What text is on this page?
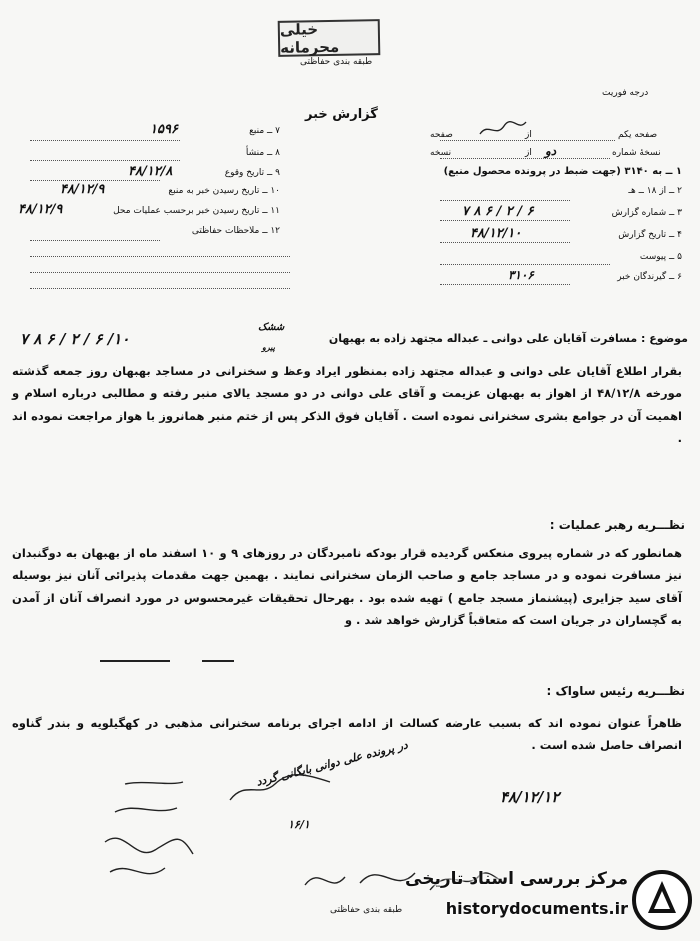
خیلی محرمانه
طبقه بندی حفاظتی
درجه فوریت
گزارش خبر
صفحه یکم
از
صفحه
نسخهٔ شماره
از
نسخه	دو
۱ ــ به ۳۱۴۰ (جهت ضبط در پرونده محصول منبع)
۲ ــ از ۱۸ ــ هـ
۳ ــ شماره گزارش
۷ ۸ ۶ / ۲ / ۶
۴ ــ تاریخ گزارش
۴۸/۱۲/۱۰
۵ ــ پیوست
۶ ــ گیرندگان خبر
۳۱۰۶
۷ ــ منبع
۱۵۹۶
۸ ــ منشأ
۹ ــ تاریخ وقوع
۴۸/۱۲/۸
۱۰ ــ تاریخ رسیدن خبر به منبع
۴۸/۱۲/۹
۱۱ ــ تاریخ رسیدن خبر برحسب عملیات محل
۴۸/۱۲/۹
۱۲ ــ ملاحظات حفاظتی
موضوع : مسافرت آقایان علی دوانی ـ عبداله مجتهد زاده به بهبهان
ششک
پیرو
۷ ۸ ۶ / ۲ / ۶ /۱۰
بقرار اطلاع آقایان علی دوانی و عبداله مجتهد زاده بمنظور ایراد وعظ و سخنرانی در مساجد بهبهان روز جمعه گذشته مورخه ۴۸/۱۲/۸ از اهواز به بهبهان عزیمت و آقای علی دوانی در دو مسجد یالای منبر رفته و مطالبی درباره اسلام و اهمیت آن در جوامع بشری سخنرانی نموده است . آقایان فوق الذکر پس از ختم منبر همانروز با هواز مراجعت نموده اند .
نظـــریه رهبر عملیات :
همانطور که در شماره پیروی منعکس گردیده قرار بودکه نامبردگان در روزهای ۹ و ۱۰ اسفند ماه از بهبهان به دوگنبدان نیز مسافرت نموده و در مساجد جامع و صاحب الزمان سخنرانی نمایند . بهمین جهت مقدمات پذیرائی آنان نیز بوسیله آقای سید جزایری (پیشنماز مسجد جامع ) تهیه شده بود . بهرحال تحقیقات غیرمحسوس در مورد انصراف آنان از آمدن به گچساران در جریان است که متعاقباً گزارش خواهد شد . و
نظـــریه رئیس ساواک :
ظاهراً عنوان نموده اند که بسبب عارضه کسالت از ادامه اجرای برنامه سخنرانی مذهبی در کهگیلویه و بندر گناوه انصراف حاصل شده است .
در پرونده علی دوانی بایگانی گردد
۱۶/۱
۴۸/۱۲/۱۲
طبقه بندی حفاظتی
مرکز بررسی اسناد تاریخی
historydocuments.ir
